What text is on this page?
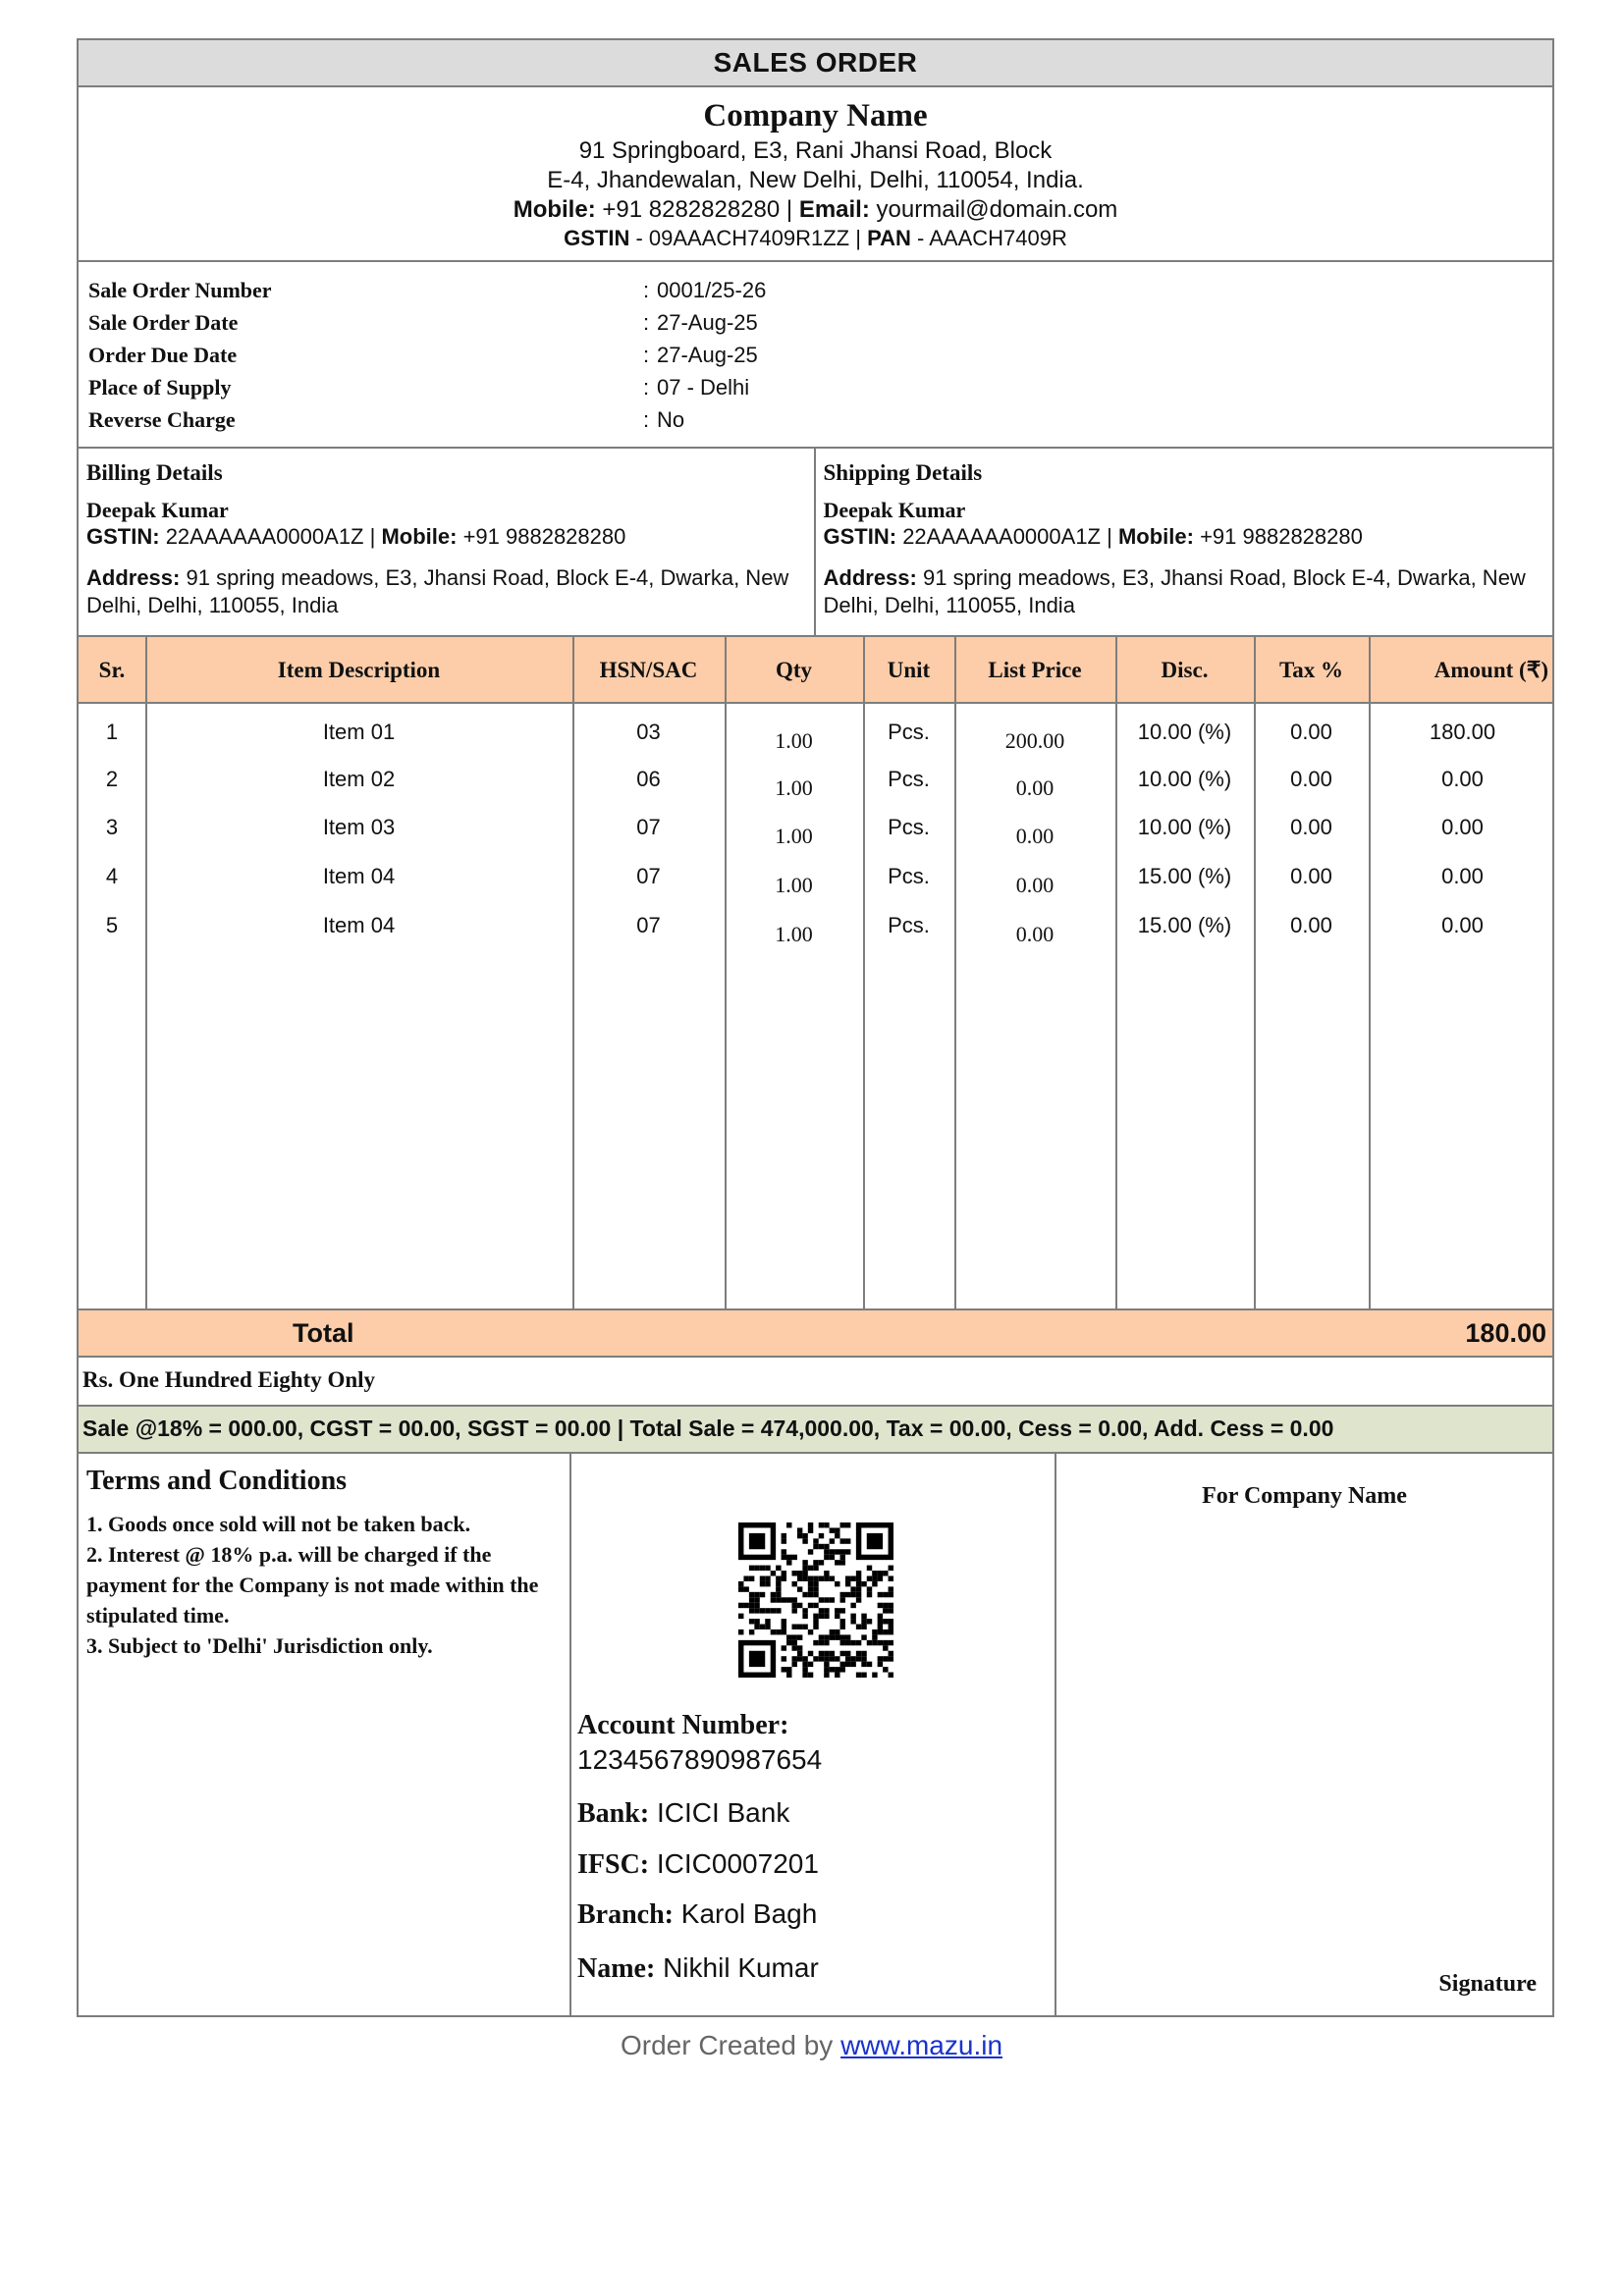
SALES ORDER
Company Name
91 Springboard, E3, Rani Jhansi Road, Block
E-4, Jhandewalan, New Delhi, Delhi, 110054, India.
Mobile: +91 8282828280 | Email: yourmail@domain.com
GSTIN - 09AAACH7409R1ZZ | PAN - AAACH7409R
Sale Order Number	: 0001/25-26
Sale Order Date	: 27-Aug-25
Order Due Date	: 27-Aug-25
Place of Supply	: 07 - Delhi
Reverse Charge	: No
Billing Details
Deepak Kumar
GSTIN: 22AAAAAA0000A1Z | Mobile: +91 9882828280
Address: 91 spring meadows, E3, Jhansi Road, Block E-4, Dwarka, New Delhi, Delhi, 110055, India
Shipping Details
Deepak Kumar
GSTIN: 22AAAAAA0000A1Z | Mobile: +91 9882828280
Address: 91 spring meadows, E3, Jhansi Road, Block E-4, Dwarka, New Delhi, Delhi, 110055, India
Sr.	Item Description	HSN/SAC	Qty	Unit	List Price	Disc.	Tax %	Amount (₹)
1	Item 01	03	1.00	Pcs.	200.00	10.00 (%)	0.00	180.00
2	Item 02	06	1.00	Pcs.	0.00	10.00 (%)	0.00	0.00
3	Item 03	07	1.00	Pcs.	0.00	10.00 (%)	0.00	0.00
4	Item 04	07	1.00	Pcs.	0.00	15.00 (%)	0.00	0.00
5	Item 04	07	1.00	Pcs.	0.00	15.00 (%)	0.00	0.00
Total	180.00
Rs. One Hundred Eighty Only
Sale @18% = 000.00, CGST = 00.00, SGST = 00.00 | Total Sale = 474,000.00, Tax = 00.00, Cess = 0.00, Add. Cess = 0.00
Terms and Conditions
1. Goods once sold will not be taken back.
2. Interest @ 18% p.a. will be charged if the payment for the Company is not made within the stipulated time.
3. Subject to 'Delhi' Jurisdiction only.
Account Number:
1234567890987654
Bank: ICICI Bank
IFSC: ICIC0007201
Branch: Karol Bagh
Name: Nikhil Kumar
For Company Name
Signature
Order Created by www.mazu.in
